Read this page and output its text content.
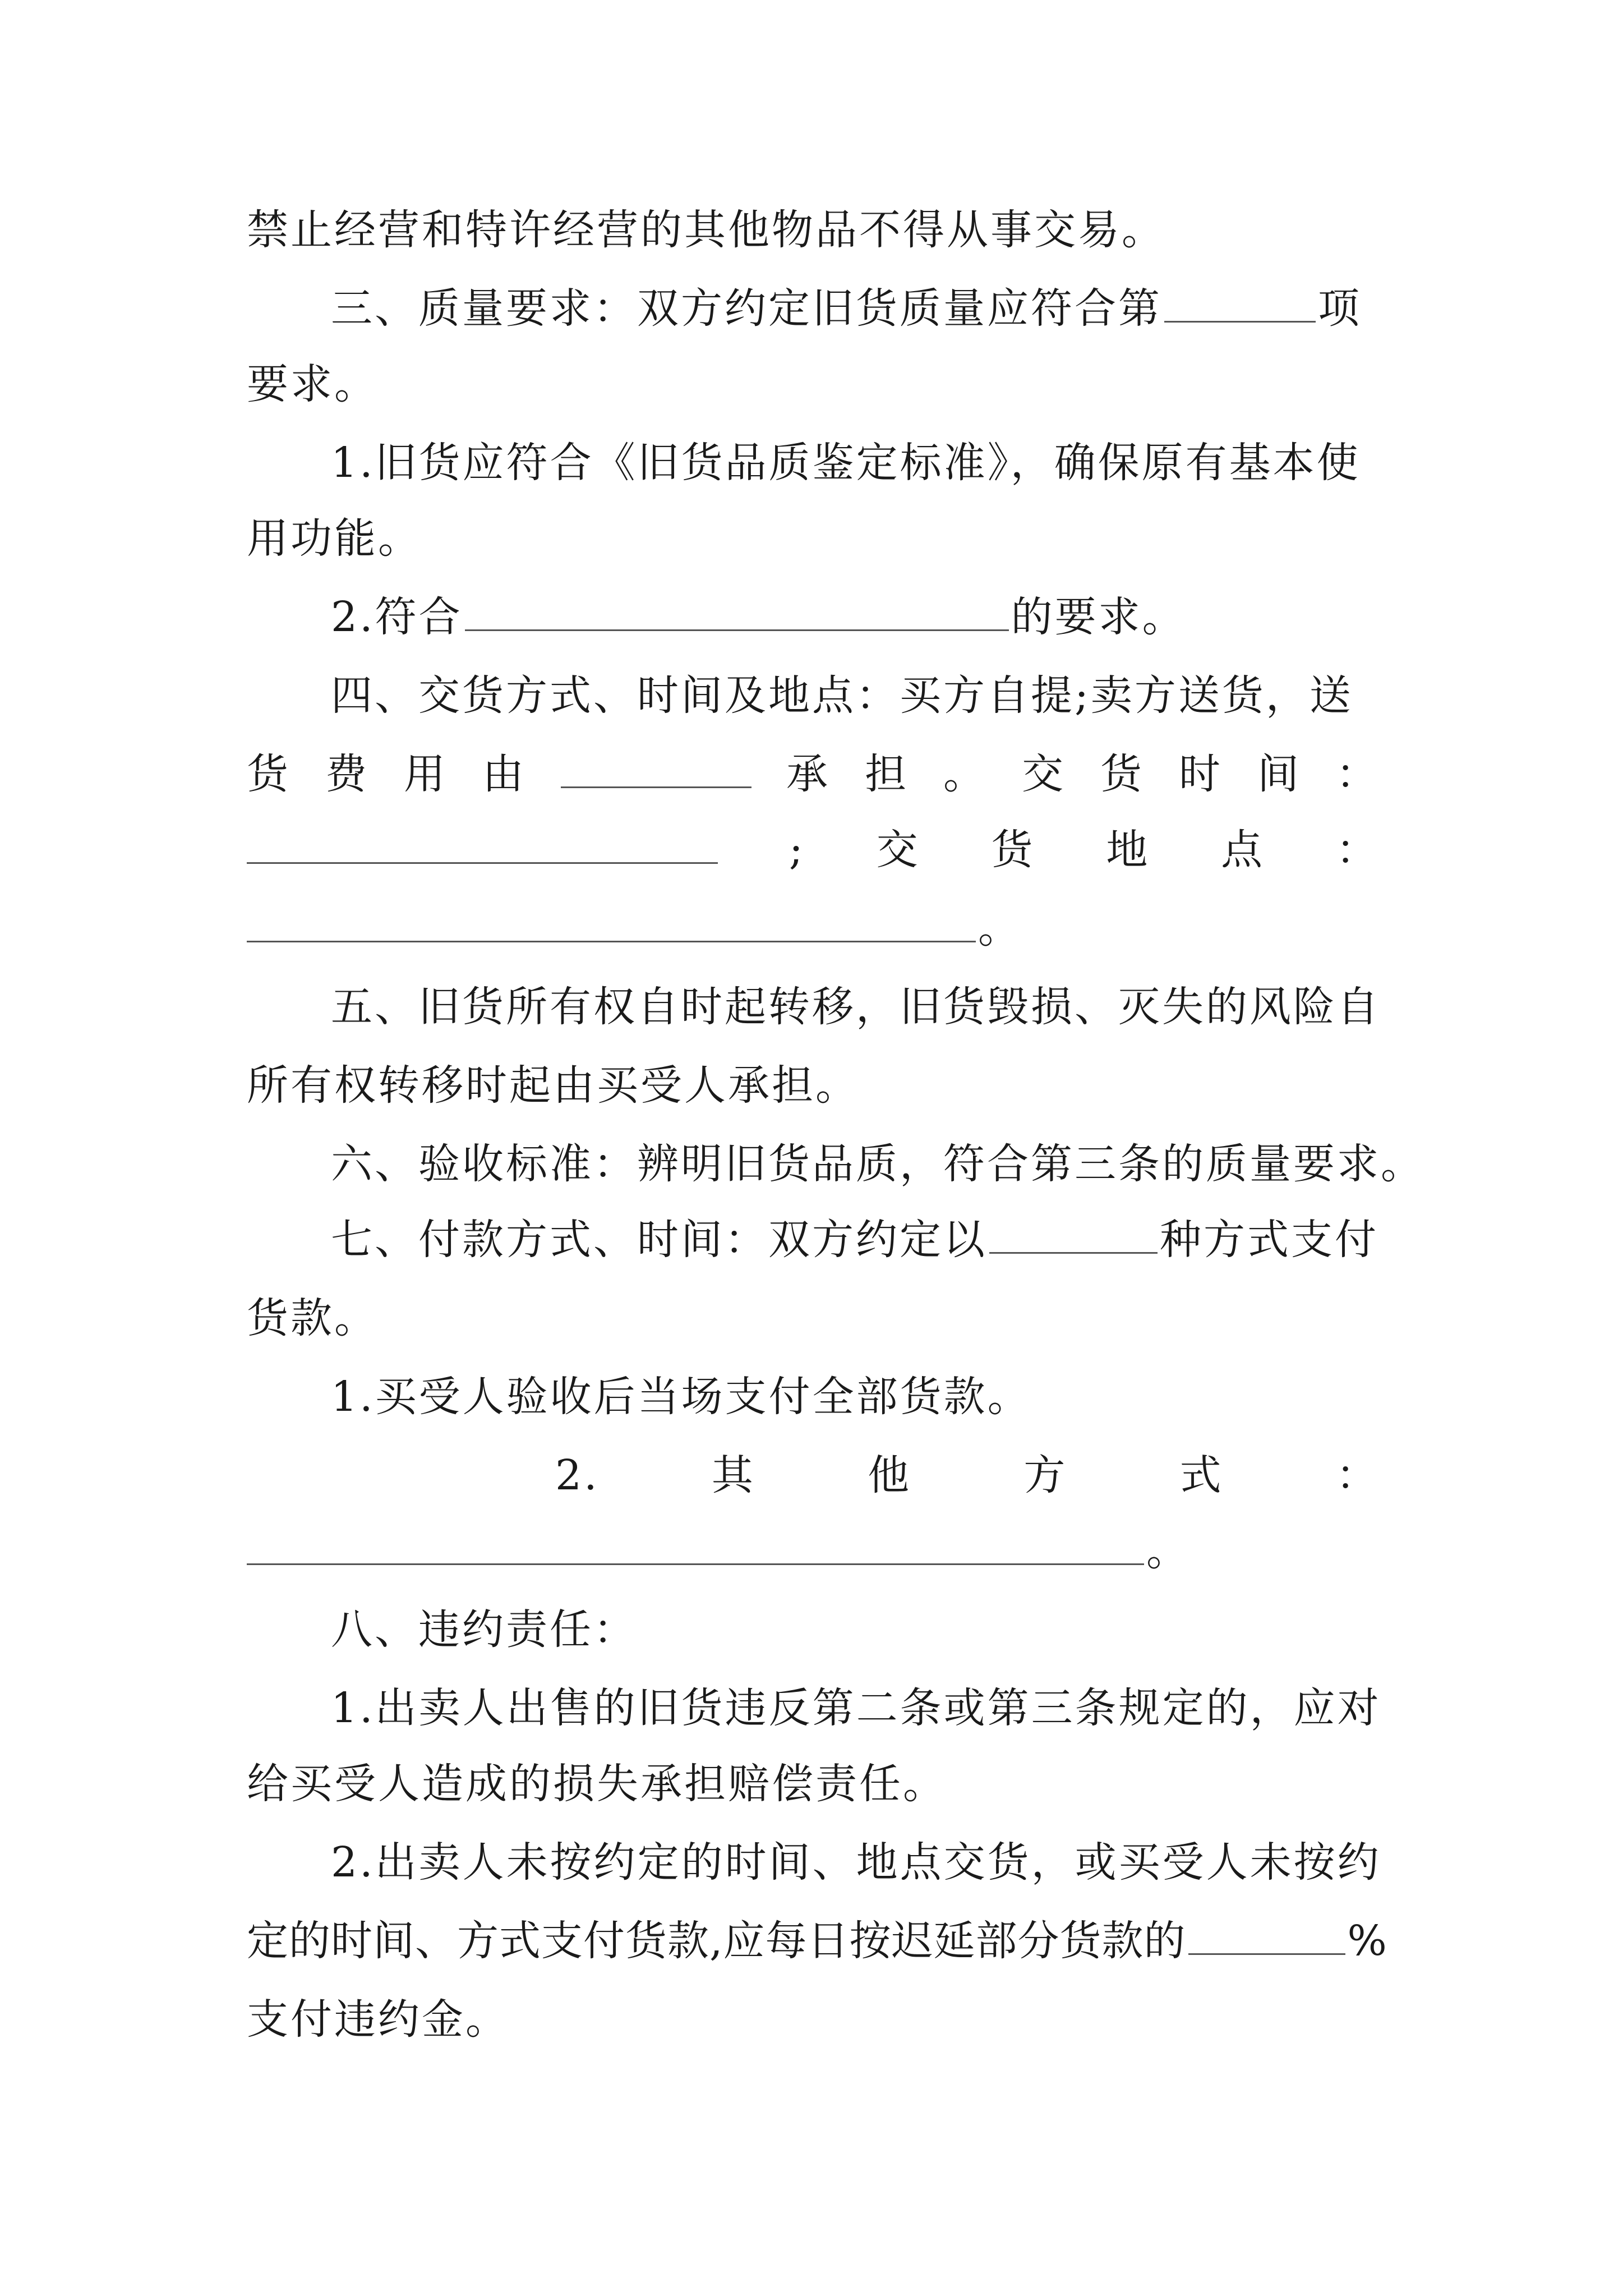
禁止经营和特许经营的其他物品不得从事交易。
三、质量要求：双方约定旧货质量应符合第	项
要求。
1.旧货应符合《旧货品质鉴定标准》，确保原有基本使
用功能。
2.符合	的要求。
四、交货方式、时间及地点：买方自提;卖方送货，送
货 费 用 由	承 担 。 交 货 时 间 ：
; 交 货 地 点 ：
。
五、旧货所有权自时起转移，旧货毁损、灭失的风险自
所有权转移时起由买受人承担。
六、验收标准：辨明旧货品质，符合第三条的质量要求。
七、付款方式、时间：双方约定以	种方式支付
货款。
1.买受人验收后当场支付全部货款。
2.	其	他	方	式	：
。
八、违约责任：
1.出卖人出售的旧货违反第二条或第三条规定的，应对
给买受人造成的损失承担赔偿责任。
2.出卖人未按约定的时间、地点交货，或买受人未按约
定的时间、方式支付货款,应每日按迟延部分货款的	%
支付违约金。
